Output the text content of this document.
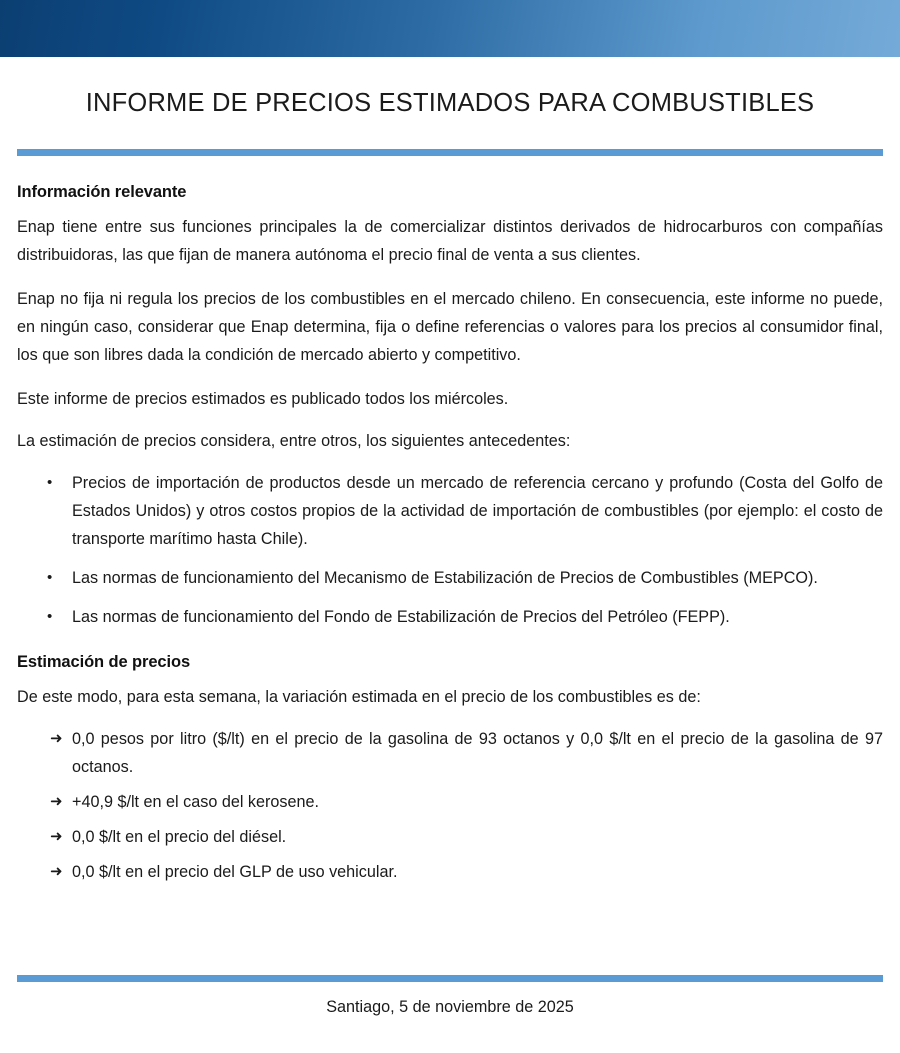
INFORME DE PRECIOS ESTIMADOS PARA COMBUSTIBLES
Información relevante

Enap tiene entre sus funciones principales la de comercializar distintos derivados de hidrocarburos con compañías distribuidoras, las que fijan de manera autónoma el precio final de venta a sus clientes.

Enap no fija ni regula los precios de los combustibles en el mercado chileno. En consecuencia, este informe no puede, en ningún caso, considerar que Enap determina, fija o define referencias o valores para los precios al consumidor final, los que son libres dada la condición de mercado abierto y competitivo.

Este informe de precios estimados es publicado todos los miércoles.

La estimación de precios considera, entre otros, los siguientes antecedentes:

•	Precios de importación de productos desde un mercado de referencia cercano y profundo (Costa del Golfo de Estados Unidos) y otros costos propios de la actividad de importación de combustibles (por ejemplo: el costo de transporte marítimo hasta Chile).
•	Las normas de funcionamiento del Mecanismo de Estabilización de Precios de Combustibles (MEPCO).
•	Las normas de funcionamiento del Fondo de Estabilización de Precios del Petróleo (FEPP).
Estimación de precios

De este modo, para esta semana, la variación estimada en el precio de los combustibles es de:

➜ 0,0 pesos por litro ($/lt) en el precio de la gasolina de 93 octanos y 0,0 $/lt en el precio de la gasolina de 97 octanos.
➜ +40,9 $/lt en el caso del kerosene.
➜ 0,0 $/lt en el precio del diésel.
➜ 0,0 $/lt en el precio del GLP de uso vehicular.
Santiago, 5 de noviembre de 2025
